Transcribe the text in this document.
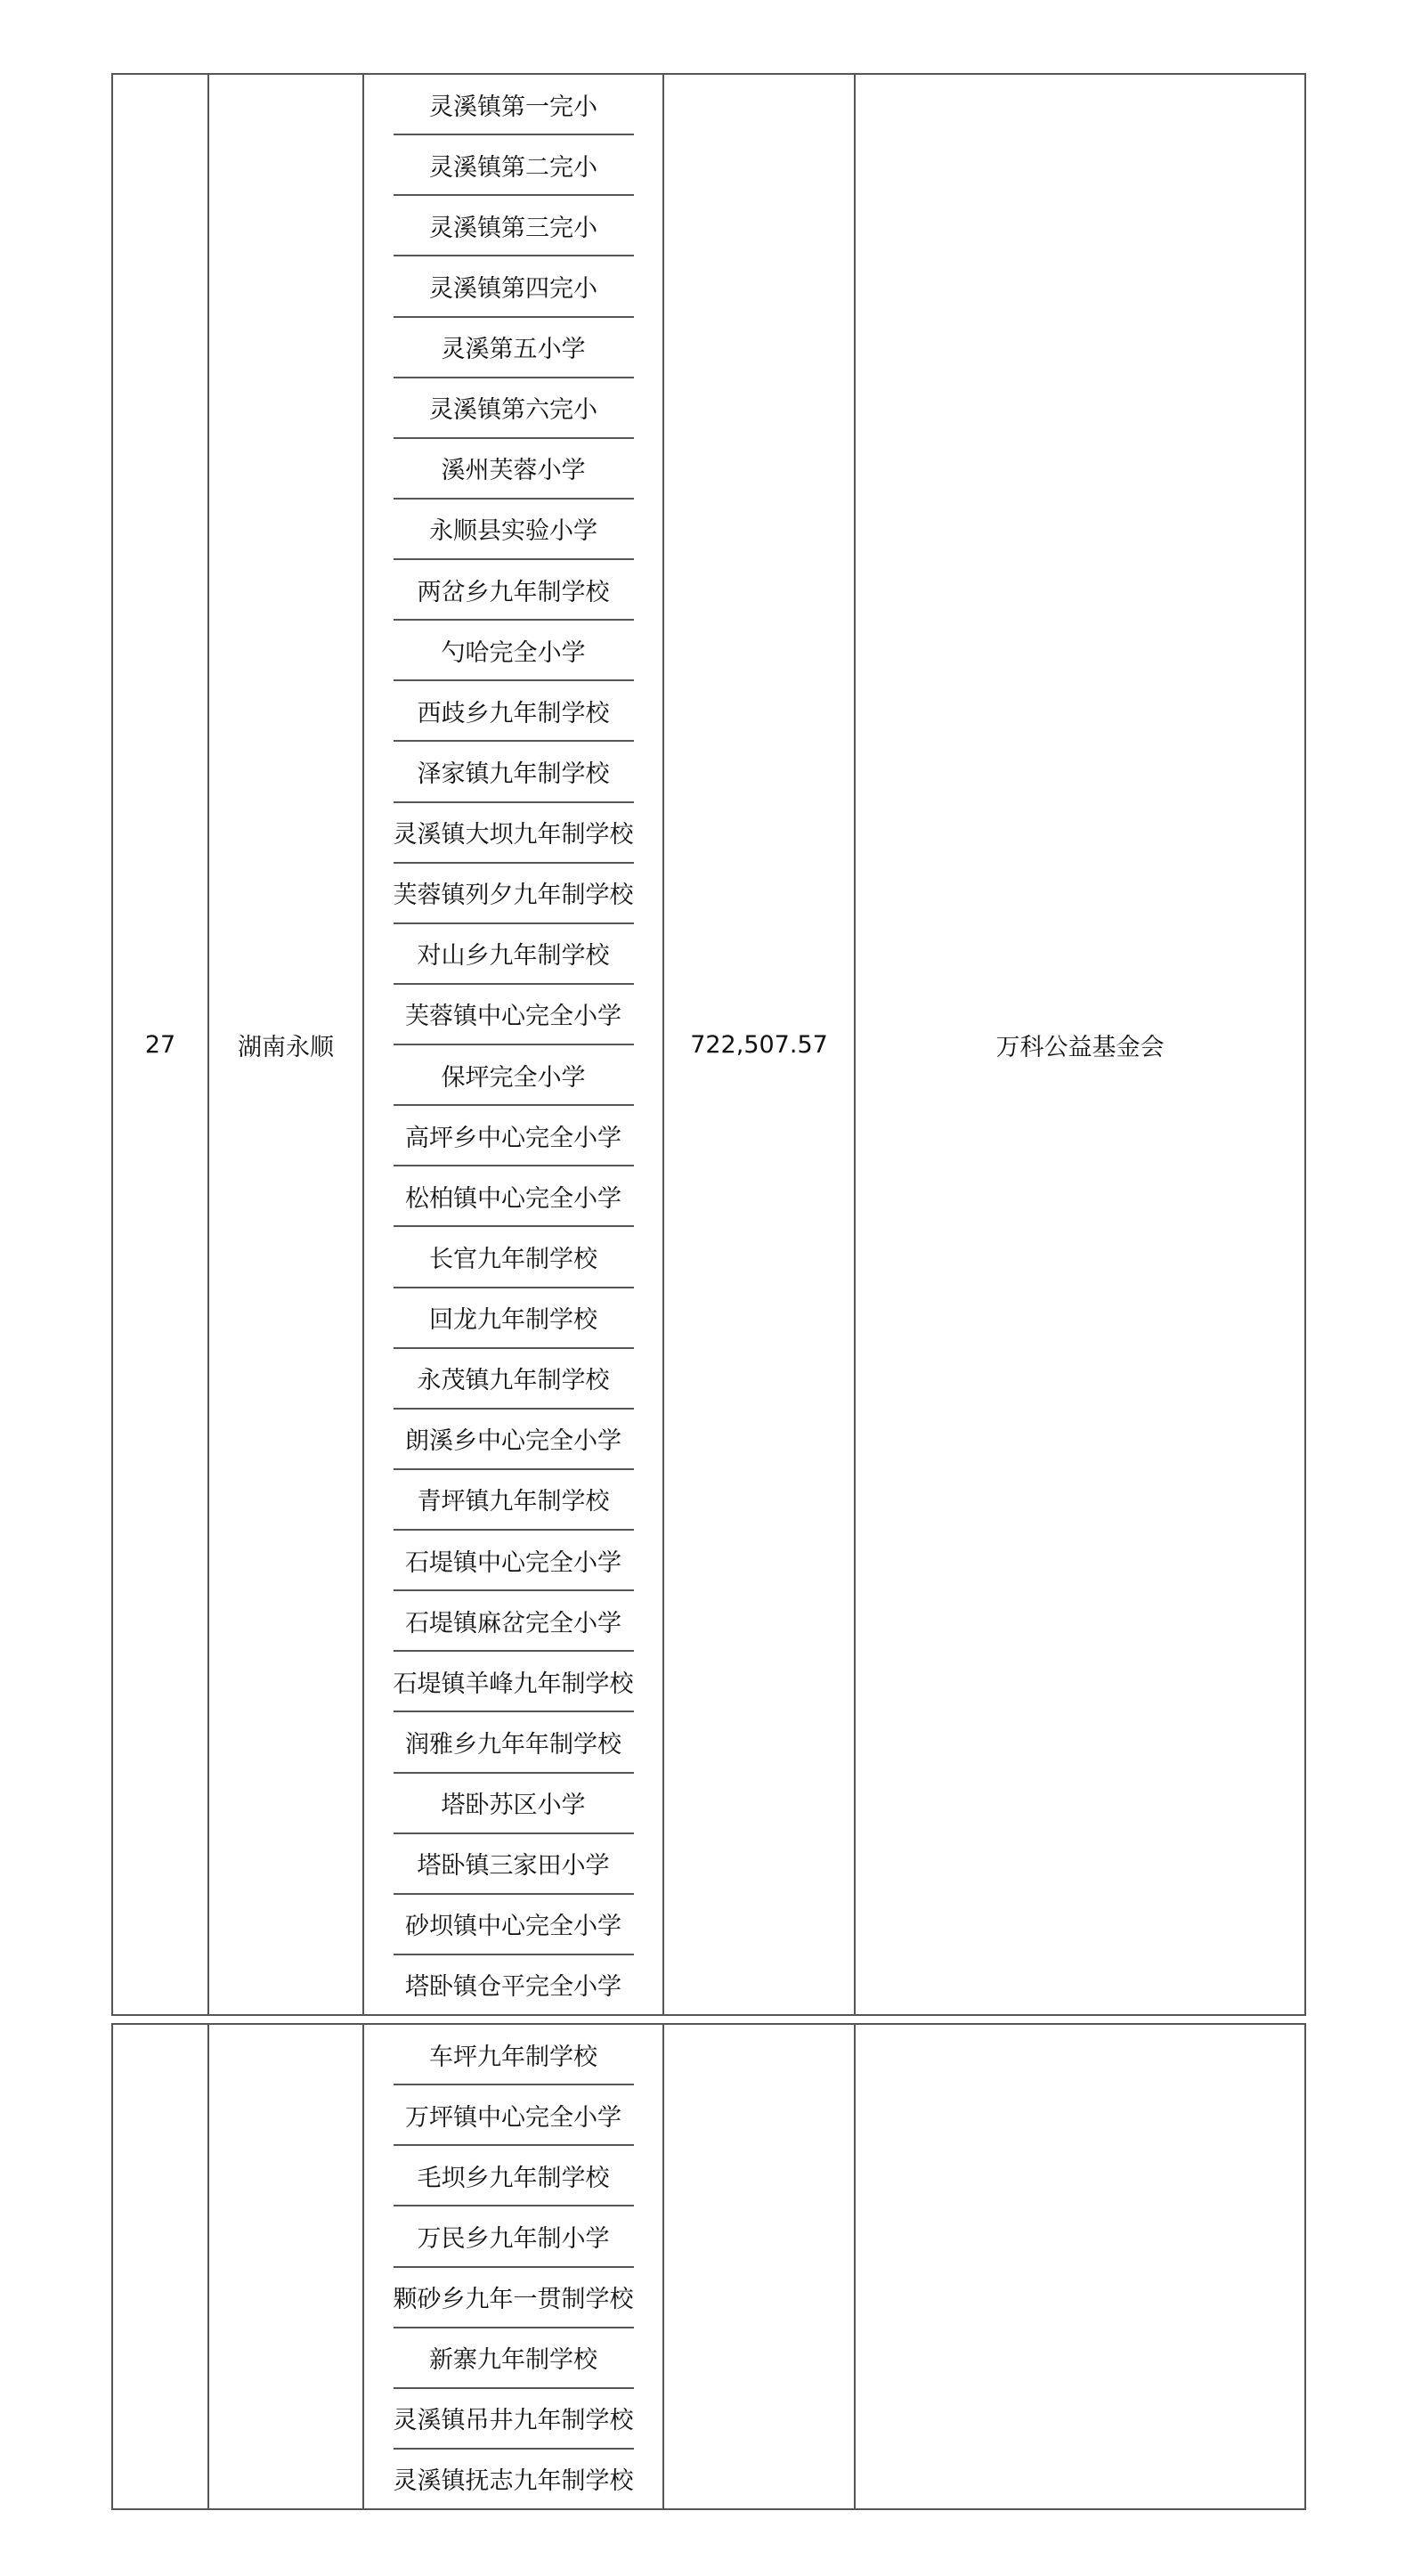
27	湖南永顺
灵溪镇第一完小
灵溪镇第二完小
灵溪镇第三完小
灵溪镇第四完小
灵溪第五小学
灵溪镇第六完小
溪州芙蓉小学
永顺县实验小学
两岔乡九年制学校
勺哈完全小学
西歧乡九年制学校
泽家镇九年制学校
灵溪镇大坝九年制学校
芙蓉镇列夕九年制学校
对山乡九年制学校
芙蓉镇中心完全小学
保坪完全小学
高坪乡中心完全小学
松柏镇中心完全小学
长官九年制学校
回龙九年制学校
永茂镇九年制学校
朗溪乡中心完全小学
青坪镇九年制学校
石堤镇中心完全小学
石堤镇麻岔完全小学
石堤镇羊峰九年制学校
润雅乡九年年制学校
塔卧苏区小学
塔卧镇三家田小学
砂坝镇中心完全小学
塔卧镇仓平完全小学
722,507.57	万科公益基金会
车坪九年制学校
万坪镇中心完全小学
毛坝乡九年制学校
万民乡九年制小学
颗砂乡九年一贯制学校
新寨九年制学校
灵溪镇吊井九年制学校
灵溪镇抚志九年制学校
